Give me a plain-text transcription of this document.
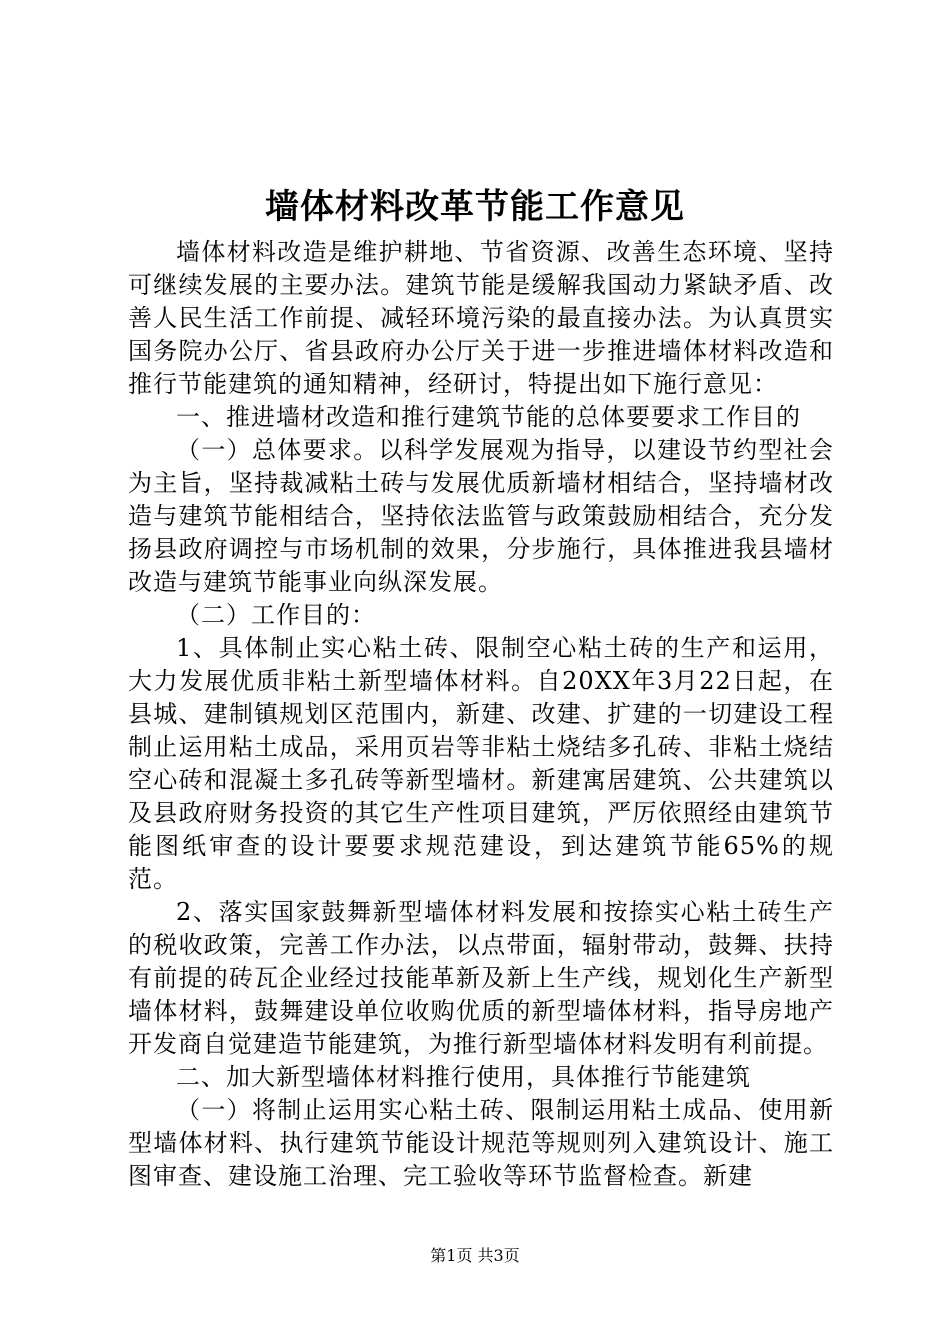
墙体材料改革节能工作意见

墙体材料改造是维护耕地、节省资源、改善生态环境、坚持可继续发展的主要办法。建筑节能是缓解我国动力紧缺矛盾、改善人民生活工作前提、减轻环境污染的最直接办法。为认真贯实国务院办公厅、省县政府办公厅关于进一步推进墙体材料改造和推行节能建筑的通知精神，经研讨，特提出如下施行意见：

一、推进墙材改造和推行建筑节能的总体要要求工作目的

（一）总体要求。以科学发展观为指导，以建设节约型社会为主旨，坚持裁减粘土砖与发展优质新墙材相结合，坚持墙材改造与建筑节能相结合，坚持依法监管与政策鼓励相结合，充分发扬县政府调控与市场机制的效果，分步施行，具体推进我县墙材改造与建筑节能事业向纵深发展。

（二）工作目的：

1、具体制止实心粘土砖、限制空心粘土砖的生产和运用，大力发展优质非粘土新型墙体材料。自20XX年3月22日起，在县城、建制镇规划区范围内，新建、改建、扩建的一切建设工程制止运用粘土成品，采用页岩等非粘土烧结多孔砖、非粘土烧结空心砖和混凝土多孔砖等新型墙材。新建寓居建筑、公共建筑以及县政府财务投资的其它生产性项目建筑，严厉依照经由建筑节能图纸审查的设计要要求规范建设，到达建筑节能65%的规范。

2、落实国家鼓舞新型墙体材料发展和按捺实心粘土砖生产的税收政策，完善工作办法，以点带面，辐射带动，鼓舞、扶持有前提的砖瓦企业经过技能革新及新上生产线，规划化生产新型墙体材料，鼓舞建设单位收购优质的新型墙体材料，指导房地产开发商自觉建造节能建筑，为推行新型墙体材料发明有利前提。

二、加大新型墙体材料推行使用，具体推行节能建筑

（一）将制止运用实心粘土砖、限制运用粘土成品、使用新型墙体材料、执行建筑节能设计规范等规则列入建筑设计、施工图审查、建设施工治理、完工验收等环节监督检查。新建

第1页 共3页
